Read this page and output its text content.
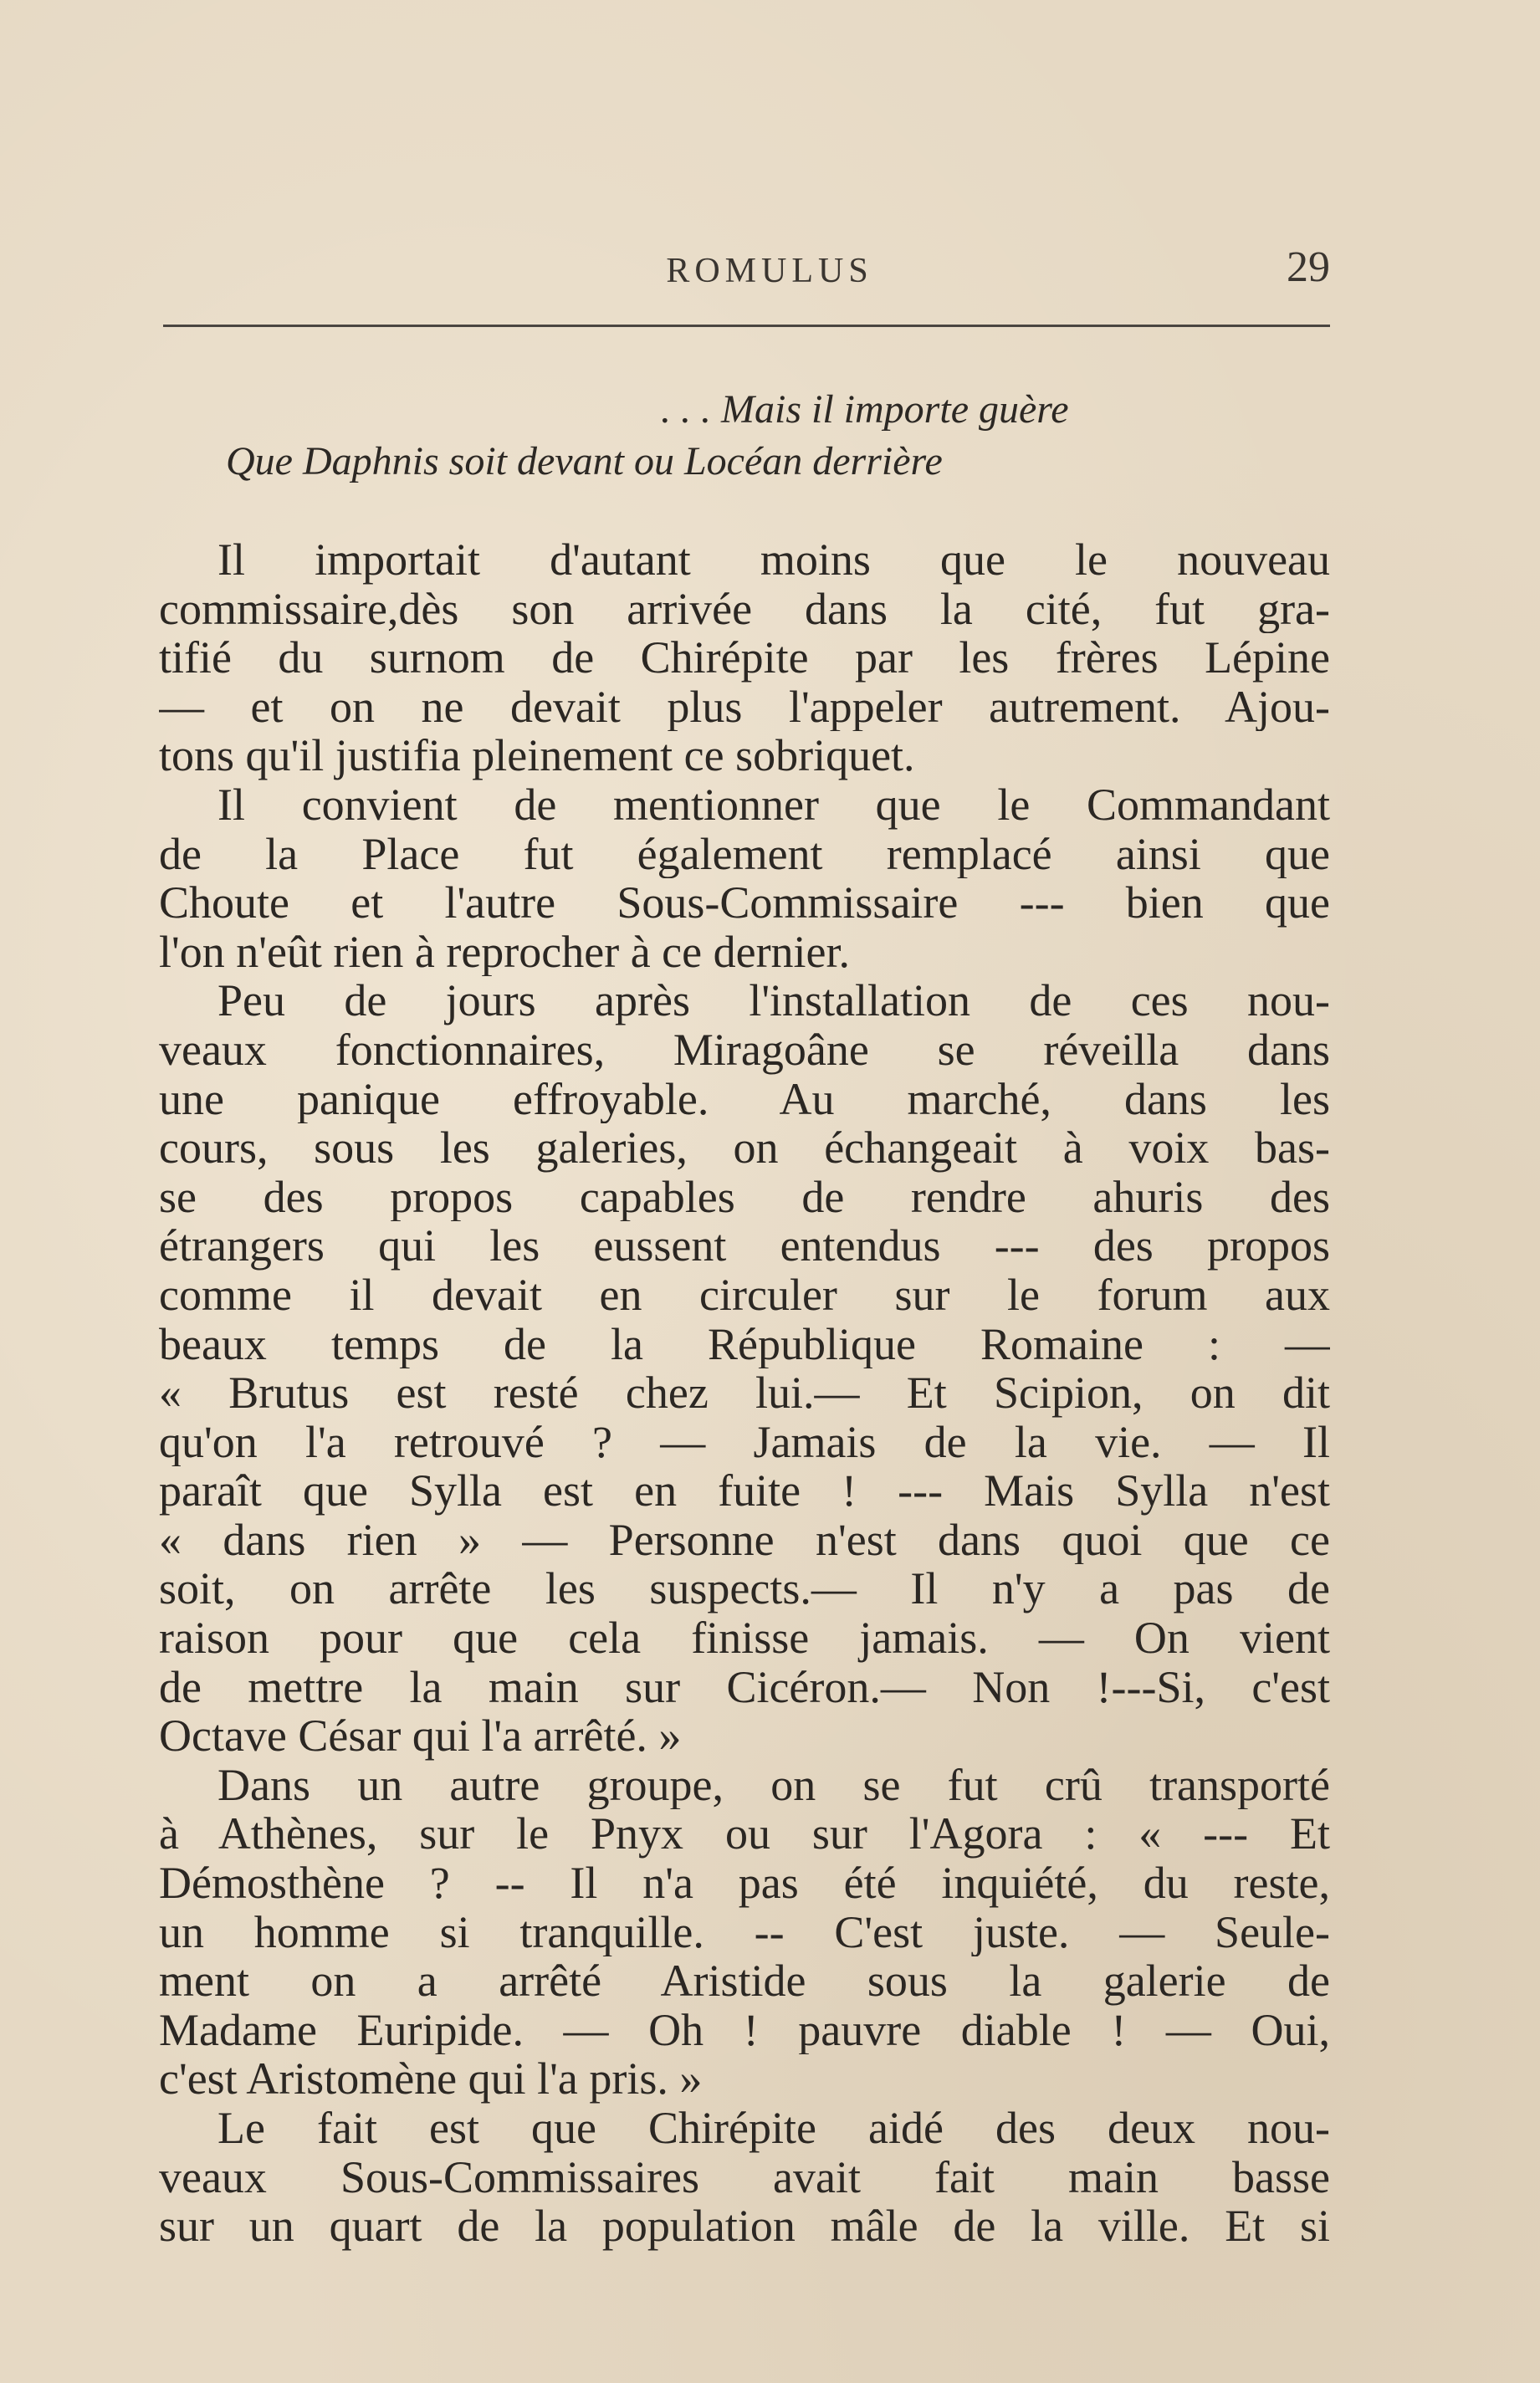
ROMULUS	29
. . . Mais il importe guère
Que Daphnis soit devant ou Locéan derrière
Il importait d'autant moins que le nouveau
commissaire,dès son arrivée dans la cité, fut gra-
tifié du surnom de Chirépite par les frères Lépine
— et on ne devait plus l'appeler autrement. Ajou-
tons qu'il justifia pleinement ce sobriquet.
Il convient de mentionner que le Commandant
de la Place fut également remplacé ainsi que
Choute et l'autre Sous-Commissaire --- bien que
l'on n'eût rien à reprocher à ce dernier.
Peu de jours après l'installation de ces nou-
veaux fonctionnaires, Miragoâne se réveilla dans
une panique effroyable. Au marché, dans les
cours, sous les galeries, on échangeait à voix bas-
se des propos capables de rendre ahuris des
étrangers qui les eussent entendus --- des propos
comme il devait en circuler sur le forum aux
beaux temps de la République Romaine : —
« Brutus est resté chez lui.— Et Scipion, on dit
qu'on l'a retrouvé ? — Jamais de la vie. — Il
paraît que Sylla est en fuite ! --- Mais Sylla n'est
« dans rien » — Personne n'est dans quoi que ce
soit, on arrête les suspects.— Il n'y a pas de
raison pour que cela finisse jamais. — On vient
de mettre la main sur Cicéron.— Non !---Si, c'est
Octave César qui l'a arrêté. »
Dans un autre groupe, on se fut crû transporté
à Athènes, sur le Pnyx ou sur l'Agora : « --- Et
Démosthène ? -- Il n'a pas été inquiété, du reste,
un homme si tranquille. -- C'est juste. — Seule-
ment on a arrêté Aristide sous la galerie de
Madame Euripide. — Oh ! pauvre diable ! — Oui,
c'est Aristomène qui l'a pris. »
Le fait est que Chirépite aidé des deux nou-
veaux Sous-Commissaires avait fait main basse
sur un quart de la population mâle de la ville. Et si
